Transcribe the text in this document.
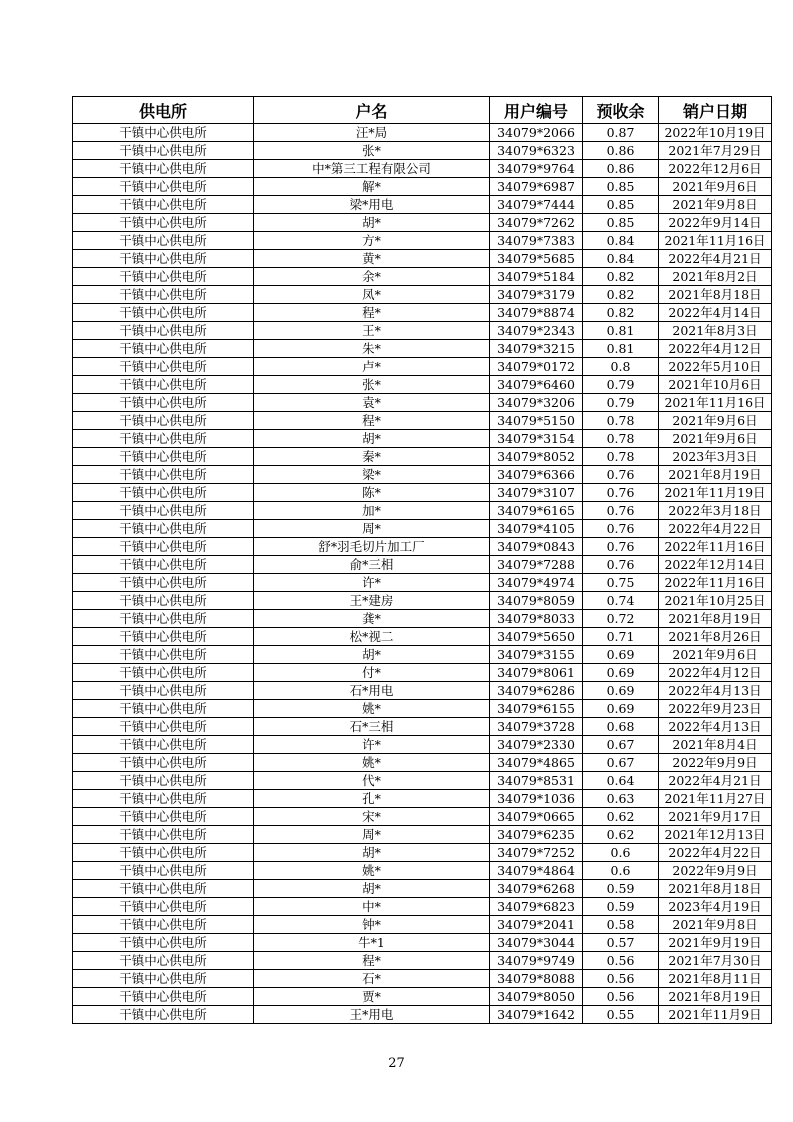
供电所	户名	用户编号	预收余	销户日期
干镇中心供电所	汪*局	34079*2066	0.87	2022年10月19日
干镇中心供电所	张*	34079*6323	0.86	2021年7月29日
干镇中心供电所	中*第三工程有限公司	34079*9764	0.86	2022年12月6日
干镇中心供电所	解*	34079*6987	0.85	2021年9月6日
干镇中心供电所	梁*用电	34079*7444	0.85	2021年9月8日
干镇中心供电所	胡*	34079*7262	0.85	2022年9月14日
干镇中心供电所	方*	34079*7383	0.84	2021年11月16日
干镇中心供电所	黄*	34079*5685	0.84	2022年4月21日
干镇中心供电所	余*	34079*5184	0.82	2021年8月2日
干镇中心供电所	凤*	34079*3179	0.82	2021年8月18日
干镇中心供电所	程*	34079*8874	0.82	2022年4月14日
干镇中心供电所	王*	34079*2343	0.81	2021年8月3日
干镇中心供电所	朱*	34079*3215	0.81	2022年4月12日
干镇中心供电所	卢*	34079*0172	0.8	2022年5月10日
干镇中心供电所	张*	34079*6460	0.79	2021年10月6日
干镇中心供电所	袁*	34079*3206	0.79	2021年11月16日
干镇中心供电所	程*	34079*5150	0.78	2021年9月6日
干镇中心供电所	胡*	34079*3154	0.78	2021年9月6日
干镇中心供电所	秦*	34079*8052	0.78	2023年3月3日
干镇中心供电所	梁*	34079*6366	0.76	2021年8月19日
干镇中心供电所	陈*	34079*3107	0.76	2021年11月19日
干镇中心供电所	加*	34079*6165	0.76	2022年3月18日
干镇中心供电所	周*	34079*4105	0.76	2022年4月22日
干镇中心供电所	舒*羽毛切片加工厂	34079*0843	0.76	2022年11月16日
干镇中心供电所	俞*三相	34079*7288	0.76	2022年12月14日
干镇中心供电所	许*	34079*4974	0.75	2022年11月16日
干镇中心供电所	王*建房	34079*8059	0.74	2021年10月25日
干镇中心供电所	龚*	34079*8033	0.72	2021年8月19日
干镇中心供电所	松*视二	34079*5650	0.71	2021年8月26日
干镇中心供电所	胡*	34079*3155	0.69	2021年9月6日
干镇中心供电所	付*	34079*8061	0.69	2022年4月12日
干镇中心供电所	石*用电	34079*6286	0.69	2022年4月13日
干镇中心供电所	姚*	34079*6155	0.69	2022年9月23日
干镇中心供电所	石*三相	34079*3728	0.68	2022年4月13日
干镇中心供电所	许*	34079*2330	0.67	2021年8月4日
干镇中心供电所	姚*	34079*4865	0.67	2022年9月9日
干镇中心供电所	代*	34079*8531	0.64	2022年4月21日
干镇中心供电所	孔*	34079*1036	0.63	2021年11月27日
干镇中心供电所	宋*	34079*0665	0.62	2021年9月17日
干镇中心供电所	周*	34079*6235	0.62	2021年12月13日
干镇中心供电所	胡*	34079*7252	0.6	2022年4月22日
干镇中心供电所	姚*	34079*4864	0.6	2022年9月9日
干镇中心供电所	胡*	34079*6268	0.59	2021年8月18日
干镇中心供电所	中*	34079*6823	0.59	2023年4月19日
干镇中心供电所	钟*	34079*2041	0.58	2021年9月8日
干镇中心供电所	牛*1	34079*3044	0.57	2021年9月19日
干镇中心供电所	程*	34079*9749	0.56	2021年7月30日
干镇中心供电所	石*	34079*8088	0.56	2021年8月11日
干镇中心供电所	贾*	34079*8050	0.56	2021年8月19日
干镇中心供电所	王*用电	34079*1642	0.55	2021年11月9日
27
